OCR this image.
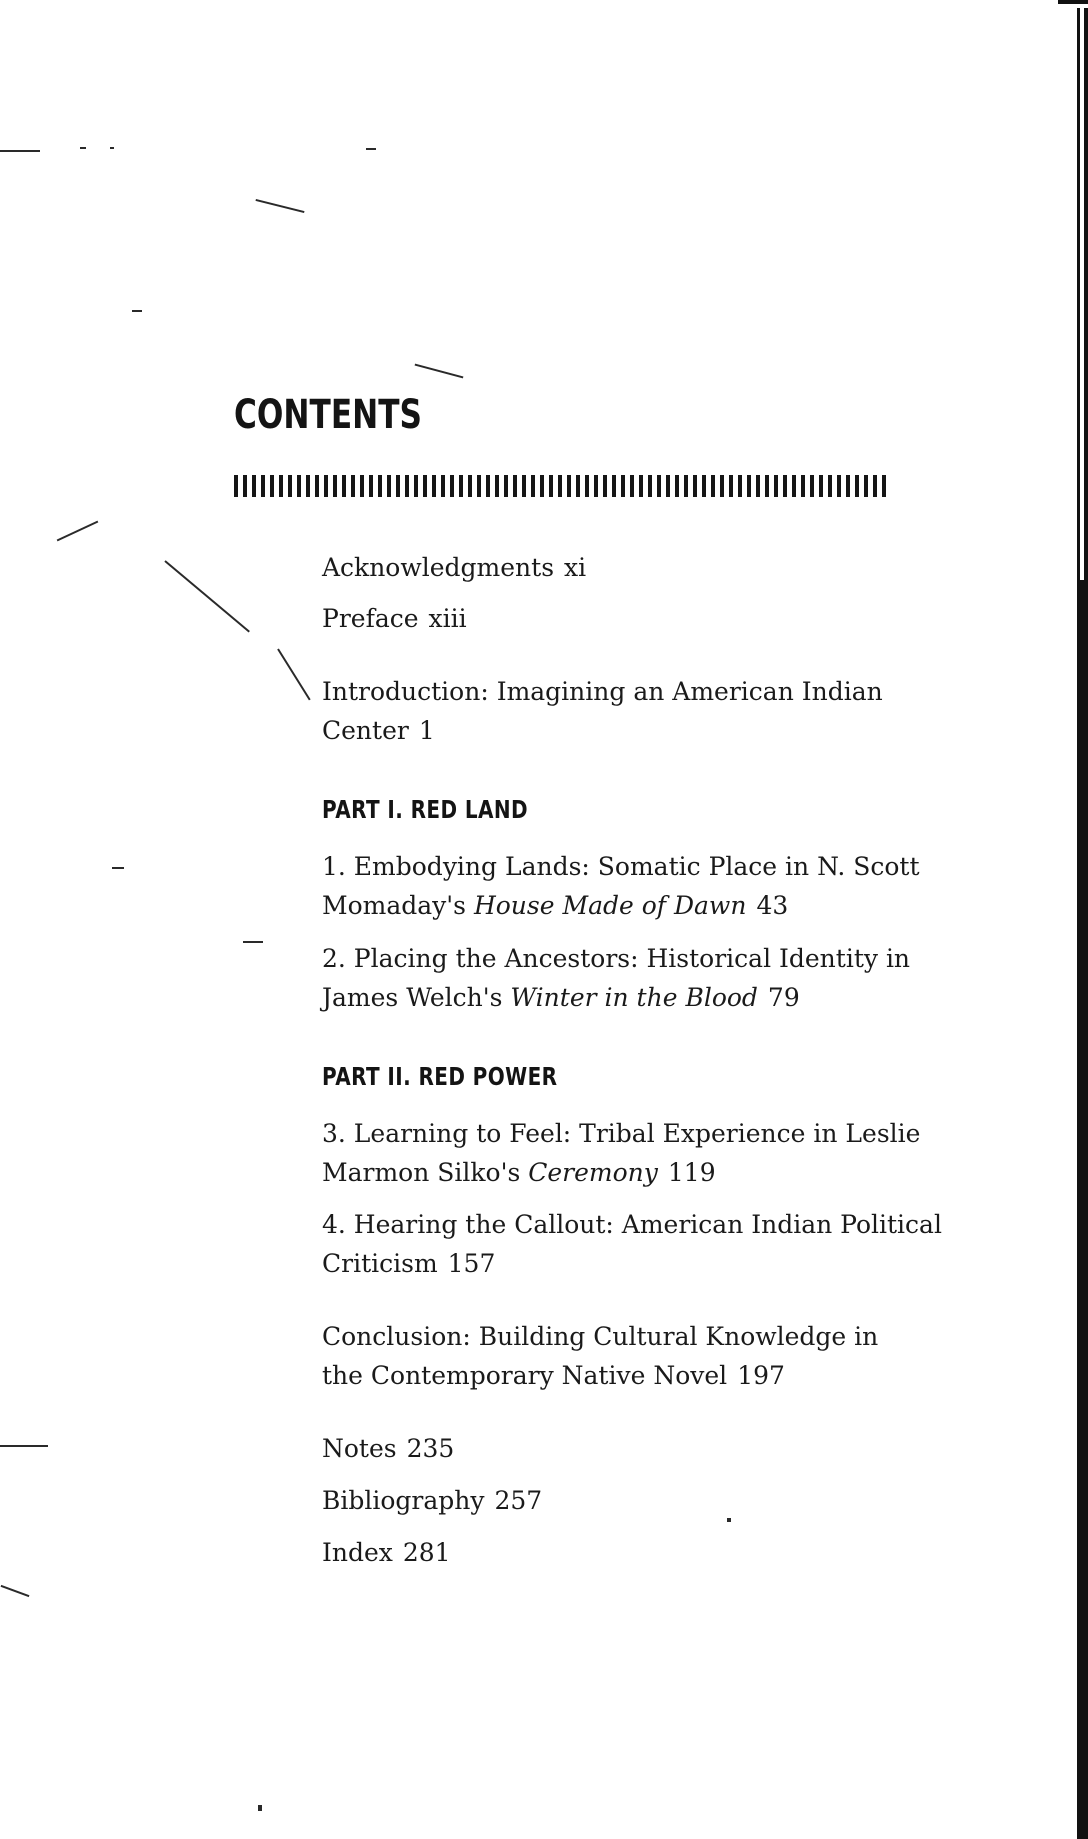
CONTENTS

Acknowledgments xi

Preface xiii

Introduction: Imagining an American Indian
Center 1

PART I. RED LAND

1. Embodying Lands: Somatic Place in N. Scott
Momaday's House Made of Dawn 43

2. Placing the Ancestors: Historical Identity in
James Welch's Winter in the Blood 79

PART II. RED POWER

3. Learning to Feel: Tribal Experience in Leslie
Marmon Silko's Ceremony 119

4. Hearing the Callout: American Indian Political
Criticism 157

Conclusion: Building Cultural Knowledge in
the Contemporary Native Novel 197

Notes 235

Bibliography 257

Index 281
